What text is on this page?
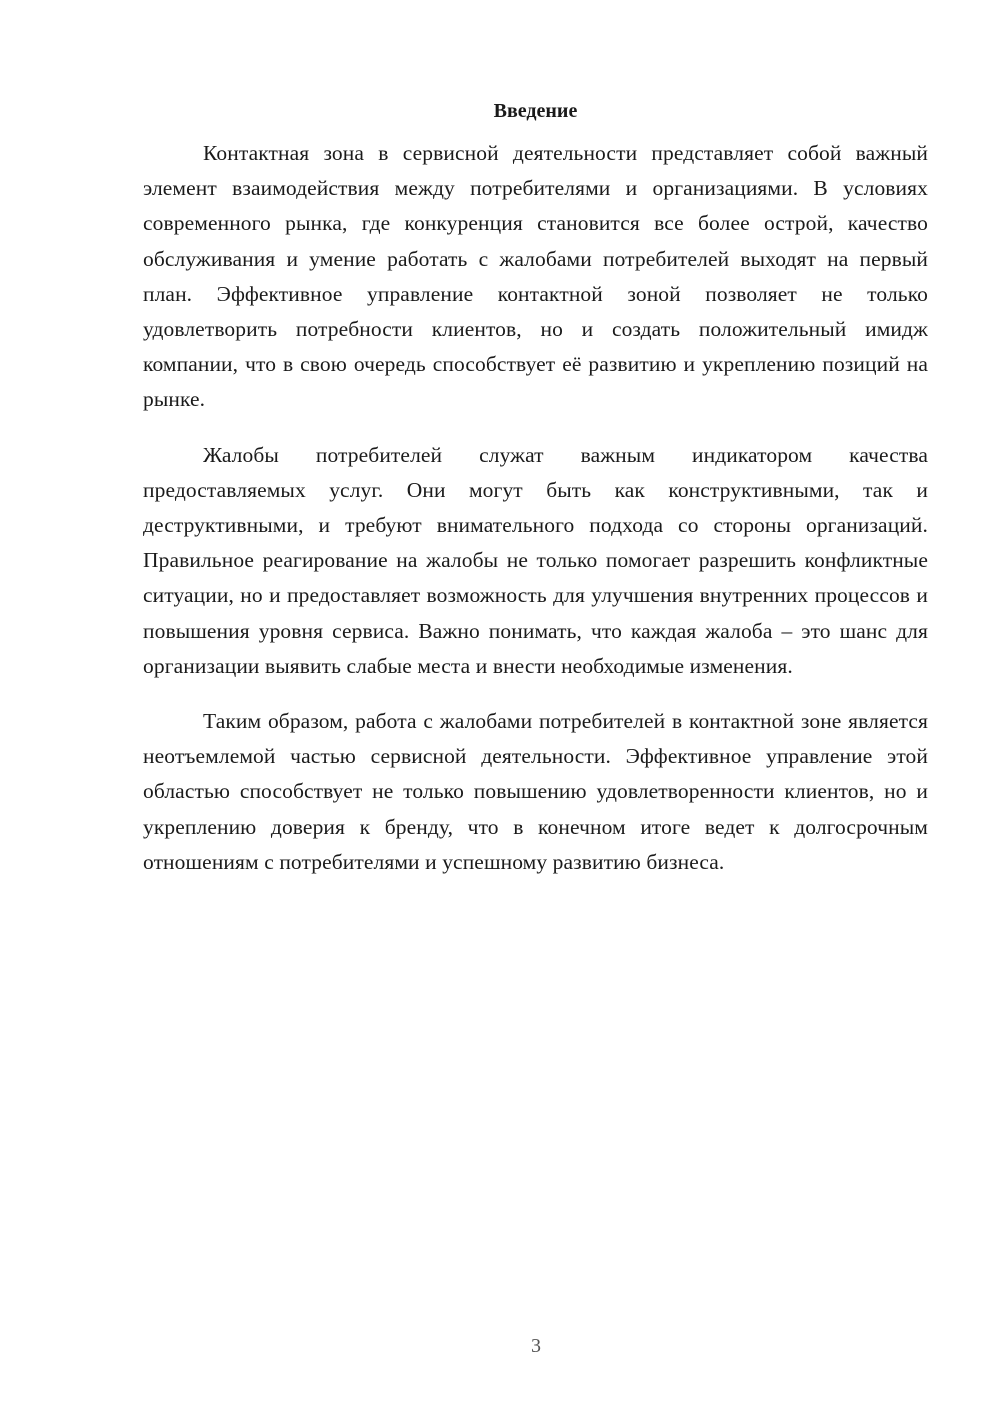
Введение

Контактная зона в сервисной деятельности представляет собой важный элемент взаимодействия между потребителями и организациями. В условиях современного рынка, где конкуренция становится все более острой, качество обслуживания и умение работать с жалобами потребителей выходят на первый план. Эффективное управление контактной зоной позволяет не только удовлетворить потребности клиентов, но и создать положительный имидж компании, что в свою очередь способствует её развитию и укреплению позиций на рынке.

Жалобы потребителей служат важным индикатором качества предоставляемых услуг. Они могут быть как конструктивными, так и деструктивными, и требуют внимательного подхода со стороны организаций. Правильное реагирование на жалобы не только помогает разрешить конфликтные ситуации, но и предоставляет возможность для улучшения внутренних процессов и повышения уровня сервиса. Важно понимать, что каждая жалоба – это шанс для организации выявить слабые места и внести необходимые изменения.

Таким образом, работа с жалобами потребителей в контактной зоне является неотъемлемой частью сервисной деятельности. Эффективное управление этой областью способствует не только повышению удовлетворенности клиентов, но и укреплению доверия к бренду, что в конечном итоге ведет к долгосрочным отношениям с потребителями и успешному развитию бизнеса.

3
